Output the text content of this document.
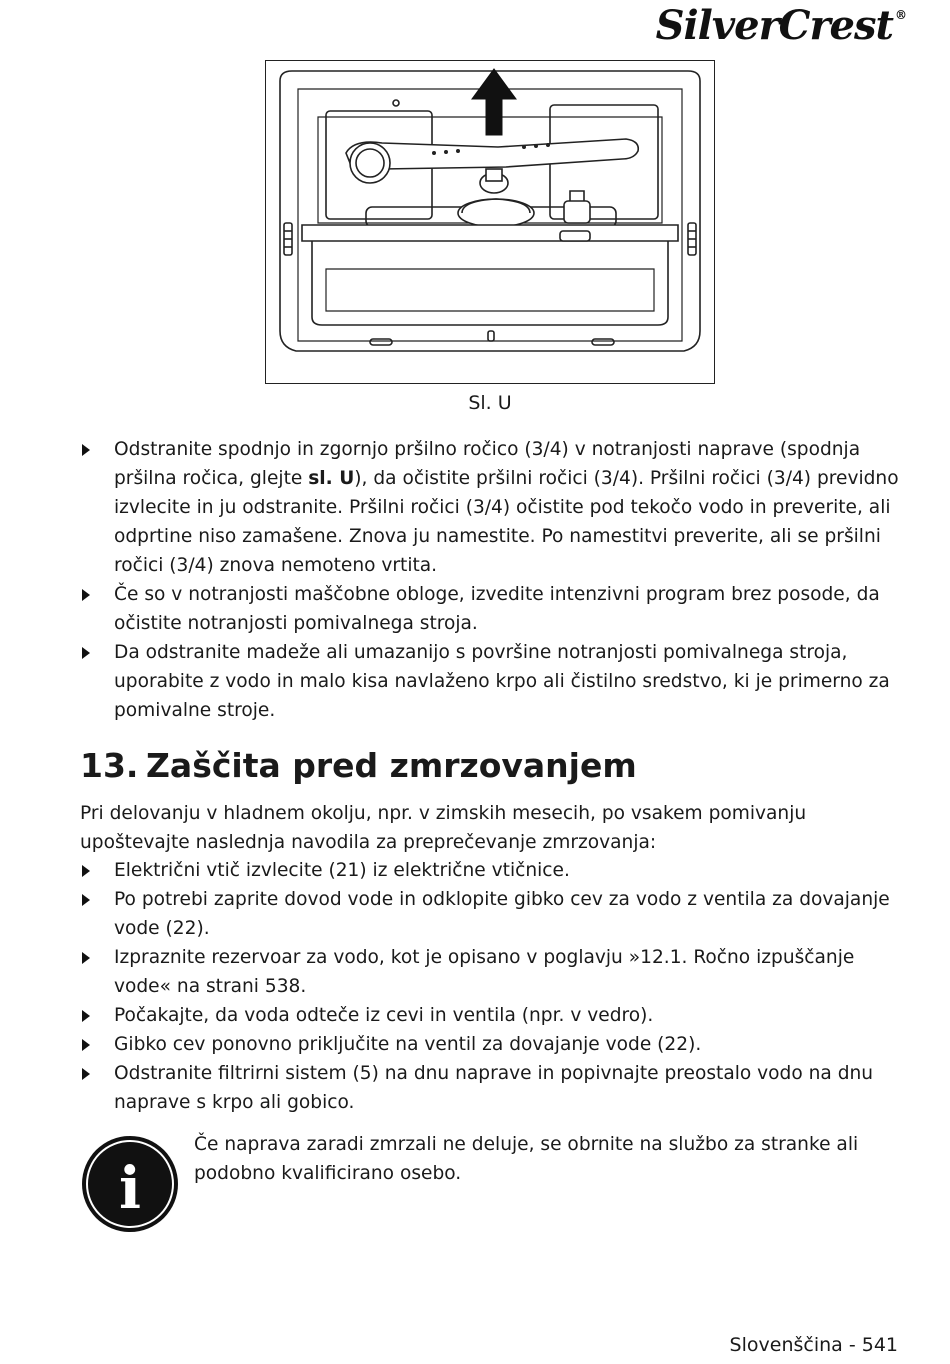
SilverCrest ®
Sl. U
Odstranite spodnjo in zgornjo pršilno ročico (3/4) v notranjosti naprave (spodnja pršilna ročica, glejte sl. U), da očistite pršilni ročici (3/4). Pršilni ročici (3/4) previdno izvlecite in ju odstranite. Pršilni ročici (3/4) očistite pod tekočo vodo in preverite, ali odprtine niso zamašene. Znova ju namestite. Po namestitvi preverite, ali se pršilni ročici (3/4) znova nemoteno vrtita.
Če so v notranjosti maščobne obloge, izvedite intenzivni program brez posode, da očistite notranjosti pomivalnega stroja.
Da odstranite madeže ali umazanijo s površine notranjosti pomivalnega stroja, uporabite z vodo in malo kisa navlaženo krpo ali čistilno sredstvo, ki je primerno za pomivalne stroje.
13. Zaščita pred zmrzovanjem
Pri delovanju v hladnem okolju, npr. v zimskih mesecih, po vsakem pomivanju upoštevajte naslednja navodila za preprečevanje zmrzovanja:
Električni vtič izvlecite (21) iz električne vtičnice.
Po potrebi zaprite dovod vode in odklopite gibko cev za vodo z ventila za dovajanje vode (22).
Izpraznite rezervoar za vodo, kot je opisano v poglavju »12.1. Ročno izpuščanje vode« na strani 538.
Počakajte, da voda odteče iz cevi in ventila (npr. v vedro).
Gibko cev ponovno priključite na ventil za dovajanje vode (22).
Odstranite filtrirni sistem (5) na dnu naprave in popivnajte preostalo vodo na dnu naprave s krpo ali gobico.
i
Če naprava zaradi zmrzali ne deluje, se obrnite na službo za stranke ali podobno kvalificirano osebo.
Slovenščina - 541
